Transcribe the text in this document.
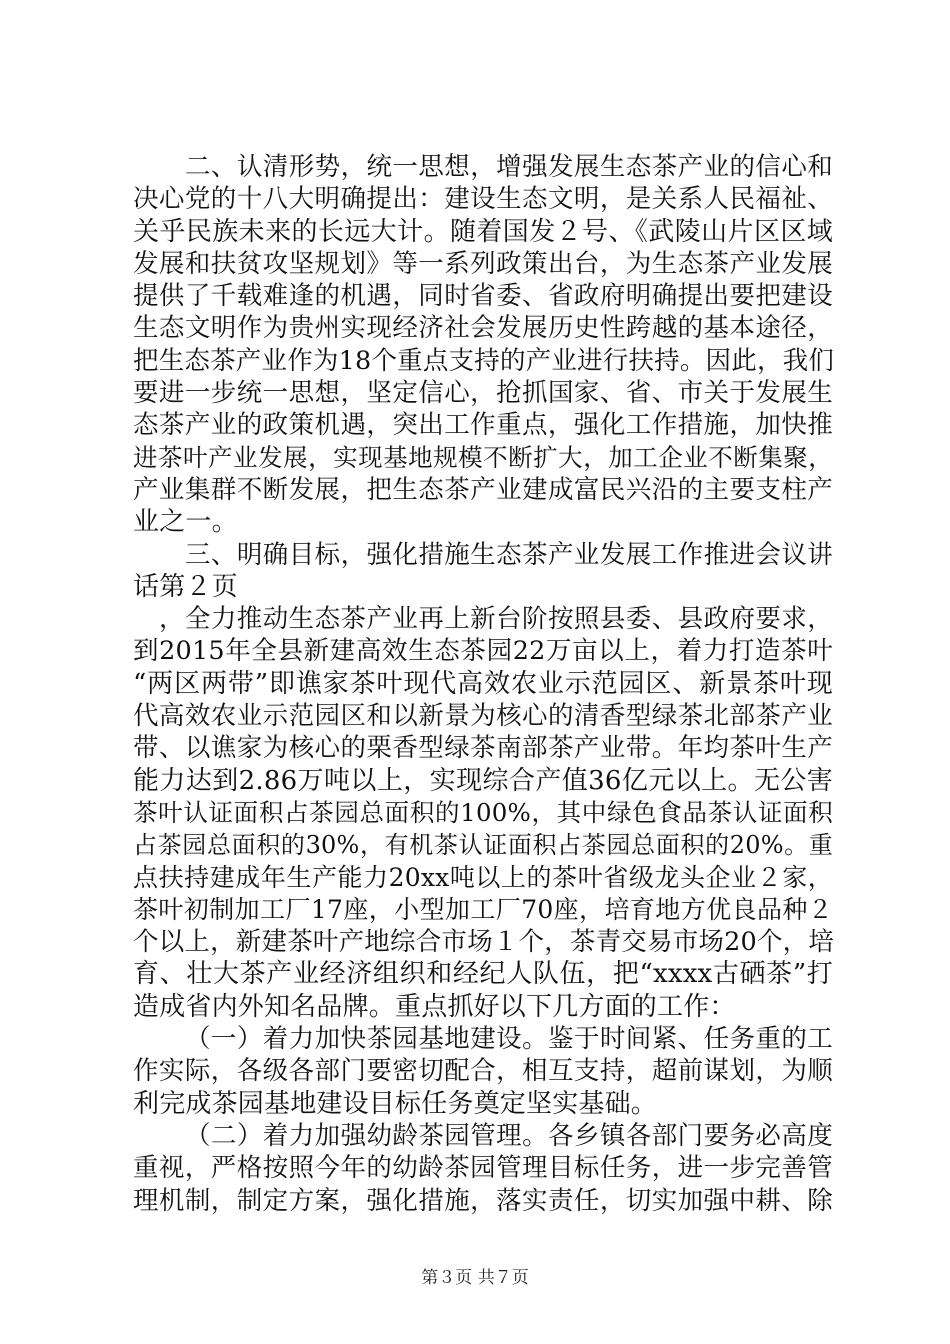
二、认清形势，统一思想，增强发展生态茶产业的信心和
决心党的十八大明确提出：建设生态文明，是关系人民福祉、
关乎民族未来的长远大计。随着国发２号、《武陵山片区区域
发展和扶贫攻坚规划》等一系列政策出台，为生态茶产业发展
提供了千载难逢的机遇，同时省委、省政府明确提出要把建设
生态文明作为贵州实现经济社会发展历史性跨越的基本途径，
把生态茶产业作为18个重点支持的产业进行扶持。因此，我们
要进一步统一思想，坚定信心，抢抓国家、省、市关于发展生
态茶产业的政策机遇，突出工作重点，强化工作措施，加快推
进茶叶产业发展，实现基地规模不断扩大，加工企业不断集聚，
产业集群不断发展，把生态茶产业建成富民兴沿的主要支柱产
业之一。
三、明确目标，强化措施生态茶产业发展工作推进会议讲
话第２页
，全力推动生态茶产业再上新台阶按照县委、县政府要求，
到2015年全县新建高效生态茶园22万亩以上，着力打造茶叶
“两区两带”即谯家茶叶现代高效农业示范园区、新景茶叶现
代高效农业示范园区和以新景为核心的清香型绿茶北部茶产业
带、以谯家为核心的栗香型绿茶南部茶产业带。年均茶叶生产
能力达到2.86万吨以上，实现综合产值36亿元以上。无公害
茶叶认证面积占茶园总面积的100%，其中绿色食品茶认证面积
占茶园总面积的30%，有机茶认证面积占茶园总面积的20%。重
点扶持建成年生产能力20xx吨以上的茶叶省级龙头企业２家，
茶叶初制加工厂17座，小型加工厂70座，培育地方优良品种２
个以上，新建茶叶产地综合市场１个，茶青交易市场20个，培
育、壮大茶产业经济组织和经纪人队伍，把“xxxx古硒茶”打
造成省内外知名品牌。重点抓好以下几方面的工作：
（一）着力加快茶园基地建设。鉴于时间紧、任务重的工
作实际，各级各部门要密切配合，相互支持，超前谋划，为顺
利完成茶园基地建设目标任务奠定坚实基础。
（二）着力加强幼龄茶园管理。各乡镇各部门要务必高度
重视，严格按照今年的幼龄茶园管理目标任务，进一步完善管
理机制，制定方案，强化措施，落实责任，切实加强中耕、除
第３页 共７页
